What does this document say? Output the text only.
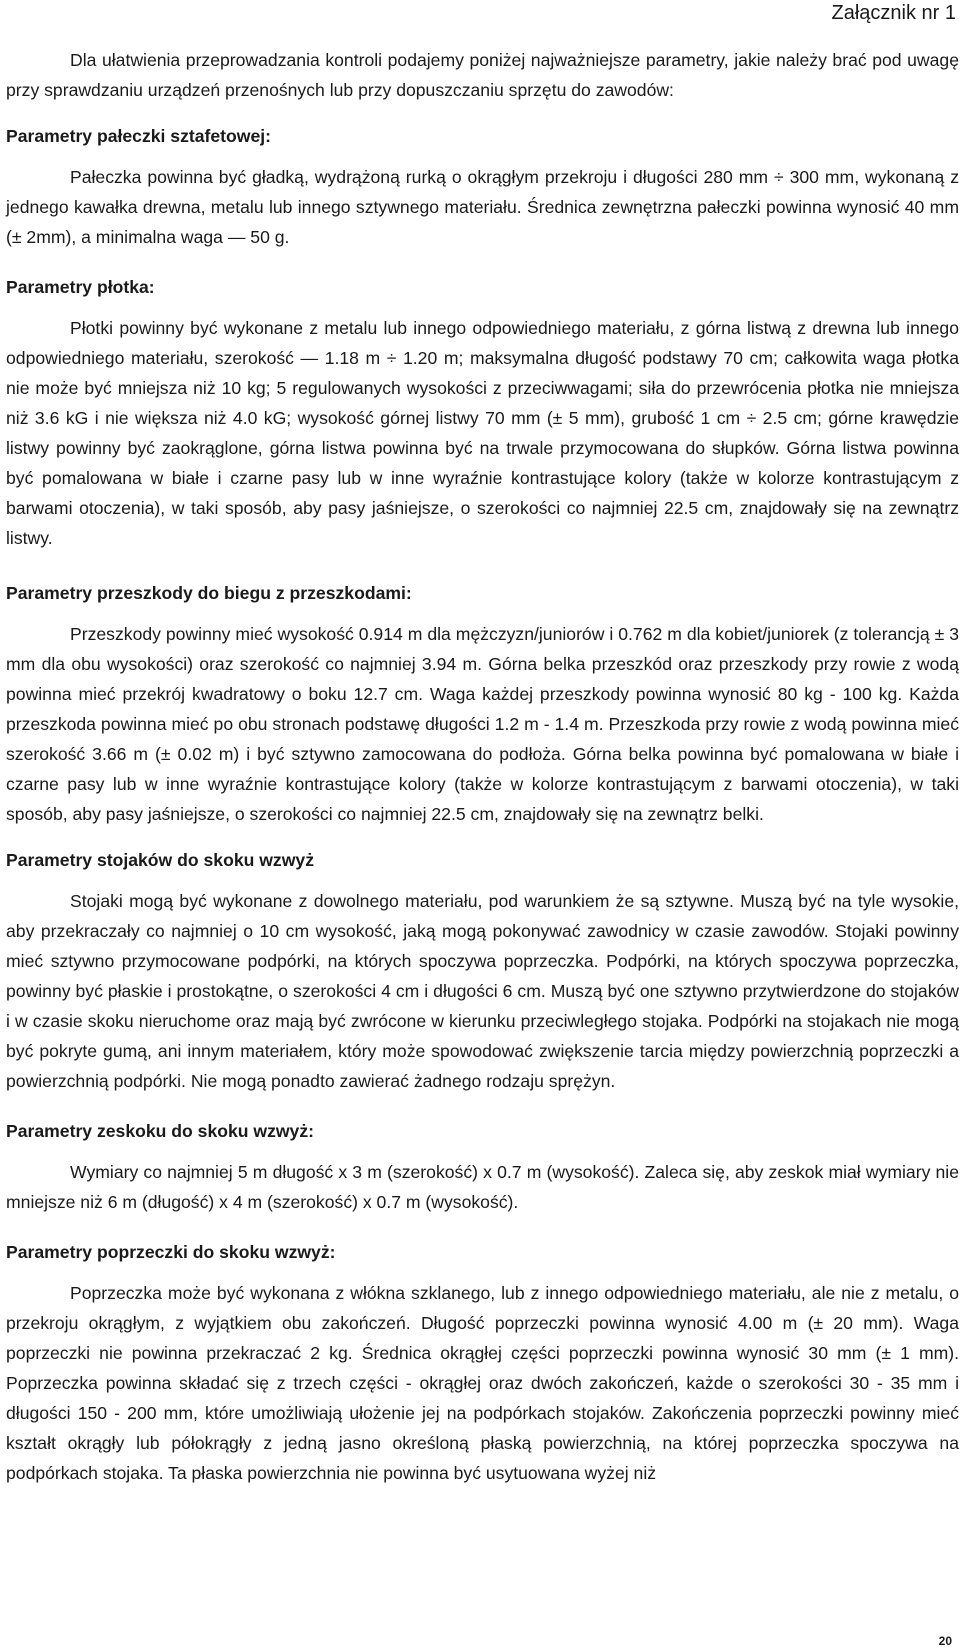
Załącznik nr 1

Dla ułatwienia przeprowadzania kontroli podajemy poniżej najważniejsze parametry, jakie należy brać pod uwagę przy sprawdzaniu urządzeń przenośnych lub przy dopuszczaniu sprzętu do zawodów:

Parametry pałeczki sztafetowej:

Pałeczka powinna być gładką, wydrążoną rurką o okrągłym przekroju i długości 280 mm ÷ 300 mm, wykonaną z jednego kawałka drewna, metalu lub innego sztywnego materiału. Średnica zewnętrzna pałeczki powinna wynosić 40 mm (± 2mm), a minimalna waga — 50 g.

Parametry płotka:

Płotki powinny być wykonane z metalu lub innego odpowiedniego materiału, z górna listwą z drewna lub innego odpowiedniego materiału, szerokość — 1.18 m ÷ 1.20 m; maksymalna długość podstawy 70 cm; całkowita waga płotka nie może być mniejsza niż 10 kg; 5 regulowanych wysokości z przeciwwagami; siła do przewrócenia płotka nie mniejsza niż 3.6 kG i nie większa niż 4.0 kG; wysokość górnej listwy 70 mm (± 5 mm), grubość 1 cm ÷ 2.5 cm; górne krawędzie listwy powinny być zaokrąglone, górna listwa powinna być na trwale przymocowana do słupków. Górna listwa powinna być pomalowana w białe i czarne pasy lub w inne wyraźnie kontrastujące kolory (także w kolorze kontrastującym z barwami otoczenia), w taki sposób, aby pasy jaśniejsze, o szerokości co najmniej 22.5 cm, znajdowały się na zewnątrz listwy.

Parametry przeszkody do biegu z przeszkodami:

Przeszkody powinny mieć wysokość 0.914 m dla mężczyzn/juniorów i 0.762 m dla kobiet/juniorek (z tolerancją ± 3 mm dla obu wysokości) oraz szerokość co najmniej 3.94 m. Górna belka przeszkód oraz przeszkody przy rowie z wodą powinna mieć przekrój kwadratowy o boku 12.7 cm. Waga każdej przeszkody powinna wynosić 80 kg - 100 kg. Każda przeszkoda powinna mieć po obu stronach podstawę długości 1.2 m - 1.4 m. Przeszkoda przy rowie z wodą powinna mieć szerokość 3.66 m (± 0.02 m) i być sztywno zamocowana do podłoża. Górna belka powinna być pomalowana w białe i czarne pasy lub w inne wyraźnie kontrastujące kolory (także w kolorze kontrastującym z barwami otoczenia), w taki sposób, aby pasy jaśniejsze, o szerokości co najmniej 22.5 cm, znajdowały się na zewnątrz belki.

Parametry stojaków do skoku wzwyż

Stojaki mogą być wykonane z dowolnego materiału, pod warunkiem że są sztywne. Muszą być na tyle wysokie, aby przekraczały co najmniej o 10 cm wysokość, jaką mogą pokonywać zawodnicy w czasie zawodów. Stojaki powinny mieć sztywno przymocowane podpórki, na których spoczywa poprzeczka. Podpórki, na których spoczywa poprzeczka, powinny być płaskie i prostokątne, o szerokości 4 cm i długości 6 cm. Muszą być one sztywno przytwierdzone do stojaków i w czasie skoku nieruchome oraz mają być zwrócone w kierunku przeciwległego stojaka. Podpórki na stojakach nie mogą być pokryte gumą, ani innym materiałem, który może spowodować zwiększenie tarcia między powierzchnią poprzeczki a powierzchnią podpórki. Nie mogą ponadto zawierać żadnego rodzaju sprężyn.

Parametry zeskoku do skoku wzwyż:

Wymiary co najmniej 5 m długość x 3 m (szerokość) x 0.7 m (wysokość). Zaleca się, aby zeskok miał wymiary nie mniejsze niż 6 m (długość) x 4 m (szerokość) x 0.7 m (wysokość).

Parametry poprzeczki do skoku wzwyż:

Poprzeczka może być wykonana z włókna szklanego, lub z innego odpowiedniego materiału, ale nie z metalu, o przekroju okrągłym, z wyjątkiem obu zakończeń. Długość poprzeczki powinna wynosić 4.00 m (± 20 mm). Waga poprzeczki nie powinna przekraczać 2 kg. Średnica okrągłej części poprzeczki powinna wynosić 30 mm (± 1 mm). Poprzeczka powinna składać się z trzech części - okrągłej oraz dwóch zakończeń, każde o szerokości 30 - 35 mm i długości 150 - 200 mm, które umożliwiają ułożenie jej na podpórkach stojaków. Zakończenia poprzeczki powinny mieć kształt okrągły lub półokrągły z jedną jasno określoną płaską powierzchnią, na której poprzeczka spoczywa na podpórkach stojaka. Ta płaska powierzchnia nie powinna być usytuowana wyżej niż

20
